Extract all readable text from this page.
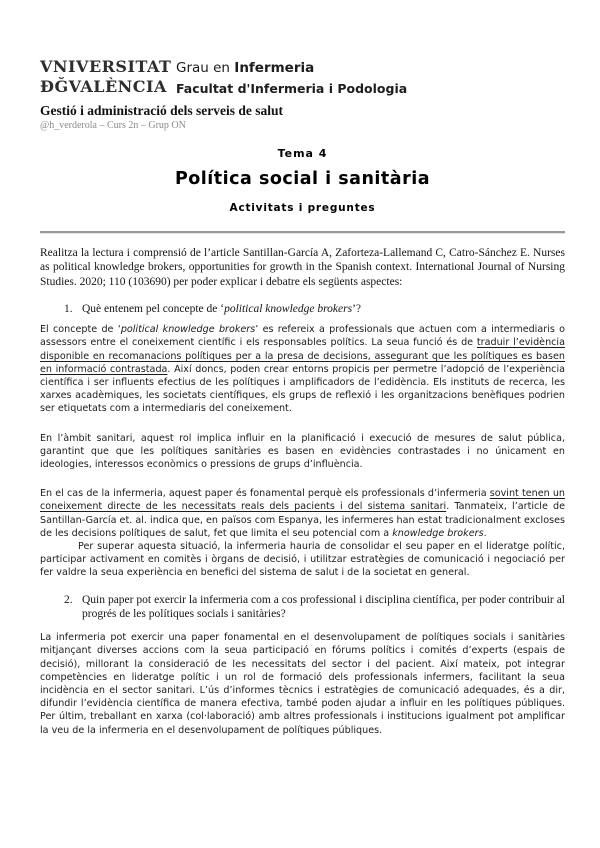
VNIVERSITAT
ĐĞVALÈNCIA
Grau en Infermeria
Facultat d'Infermeria i Podologia
Gestió i administració dels serveis de salut
@h_verderola – Curs 2n – Grup ON
Tema 4
Política social i sanitària
Activitats i preguntes

Realitza la lectura i comprensió de l’article Santillan-García A, Zaforteza-Lallemand C, Catro-Sánchez E. Nurses as political knowledge brokers, opportunities for growth in the Spanish context. International Journal of Nursing Studies. 2020; 110 (103690) per poder explicar i debatre els següents aspectes:

1. Què entenem pel concepte de ‘political knowledge brokers’?

El concepte de ‘political knowledge brokers’ es refereix a professionals que actuen com a intermediaris o assessors entre el coneixement científic i els responsables polítics. La seua funció és de traduir l’evidència disponible en recomanacions polítiques per a la presa de decisions, assegurant que les polítiques es basen en informació contrastada. Així doncs, poden crear entorns propicis per permetre l’adopció de l’experiència científica i ser influents efectius de les polítiques i amplificadors de l’edidència. Els instituts de recerca, les xarxes acadèmiques, les societats científiques, els grups de reflexió i les organitzacions benèfiques podrien ser etiquetats com a intermediaris del coneixement.

En l’àmbit sanitari, aquest rol implica influir en la planificació i execució de mesures de salut pública, garantint que que les polítiques sanitàries es basen en evidències contrastades i no únicament en ideologies, interessos econòmics o pressions de grups d’influència.

En el cas de la infermeria, aquest paper és fonamental perquè els professionals d’infermeria sovint tenen un coneixement directe de les necessitats reals dels pacients i del sistema sanitari. Tanmateix, l’article de Santillan-García et. al. indica que, en països com Espanya, les infermeres han estat tradicionalment excloses de les decisions polítiques de salut, fet que limita el seu potencial com a knowledge brokers.

Per superar aquesta situació, la infermeria hauria de consolidar el seu paper en el lideratge polític, participar activament en comitès i òrgans de decisió, i utilitzar estratègies de comunicació i negociació per fer valdre la seua experiència en benefici del sistema de salut i de la societat en general.

2. Quin paper pot exercir la infermeria com a cos professional i disciplina científica, per poder contribuir al progrés de les polítiques socials i sanitàries?

La infermeria pot exercir una paper fonamental en el desenvolupament de polítiques socials i sanitàries mitjançant diverses accions com la seua participació en fórums polítics i comités d’experts (espais de decisió), millorant la consideració de les necessitats del sector i del pacient. Així mateix, pot integrar competències en lideratge polític i un rol de formació dels professionals infermers, facilitant la seua incidència en el sector sanitari. L’ús d’informes tècnics i estratègies de comunicació adequades, és a dir, difundir l’evidència científica de manera efectiva, també poden ajudar a influir en les polítiques públiques. Per últim, treballant en xarxa (col·laboració) amb altres professionals i institucions igualment pot amplificar la veu de la infermeria en el desenvolupament de polítiques públiques.
